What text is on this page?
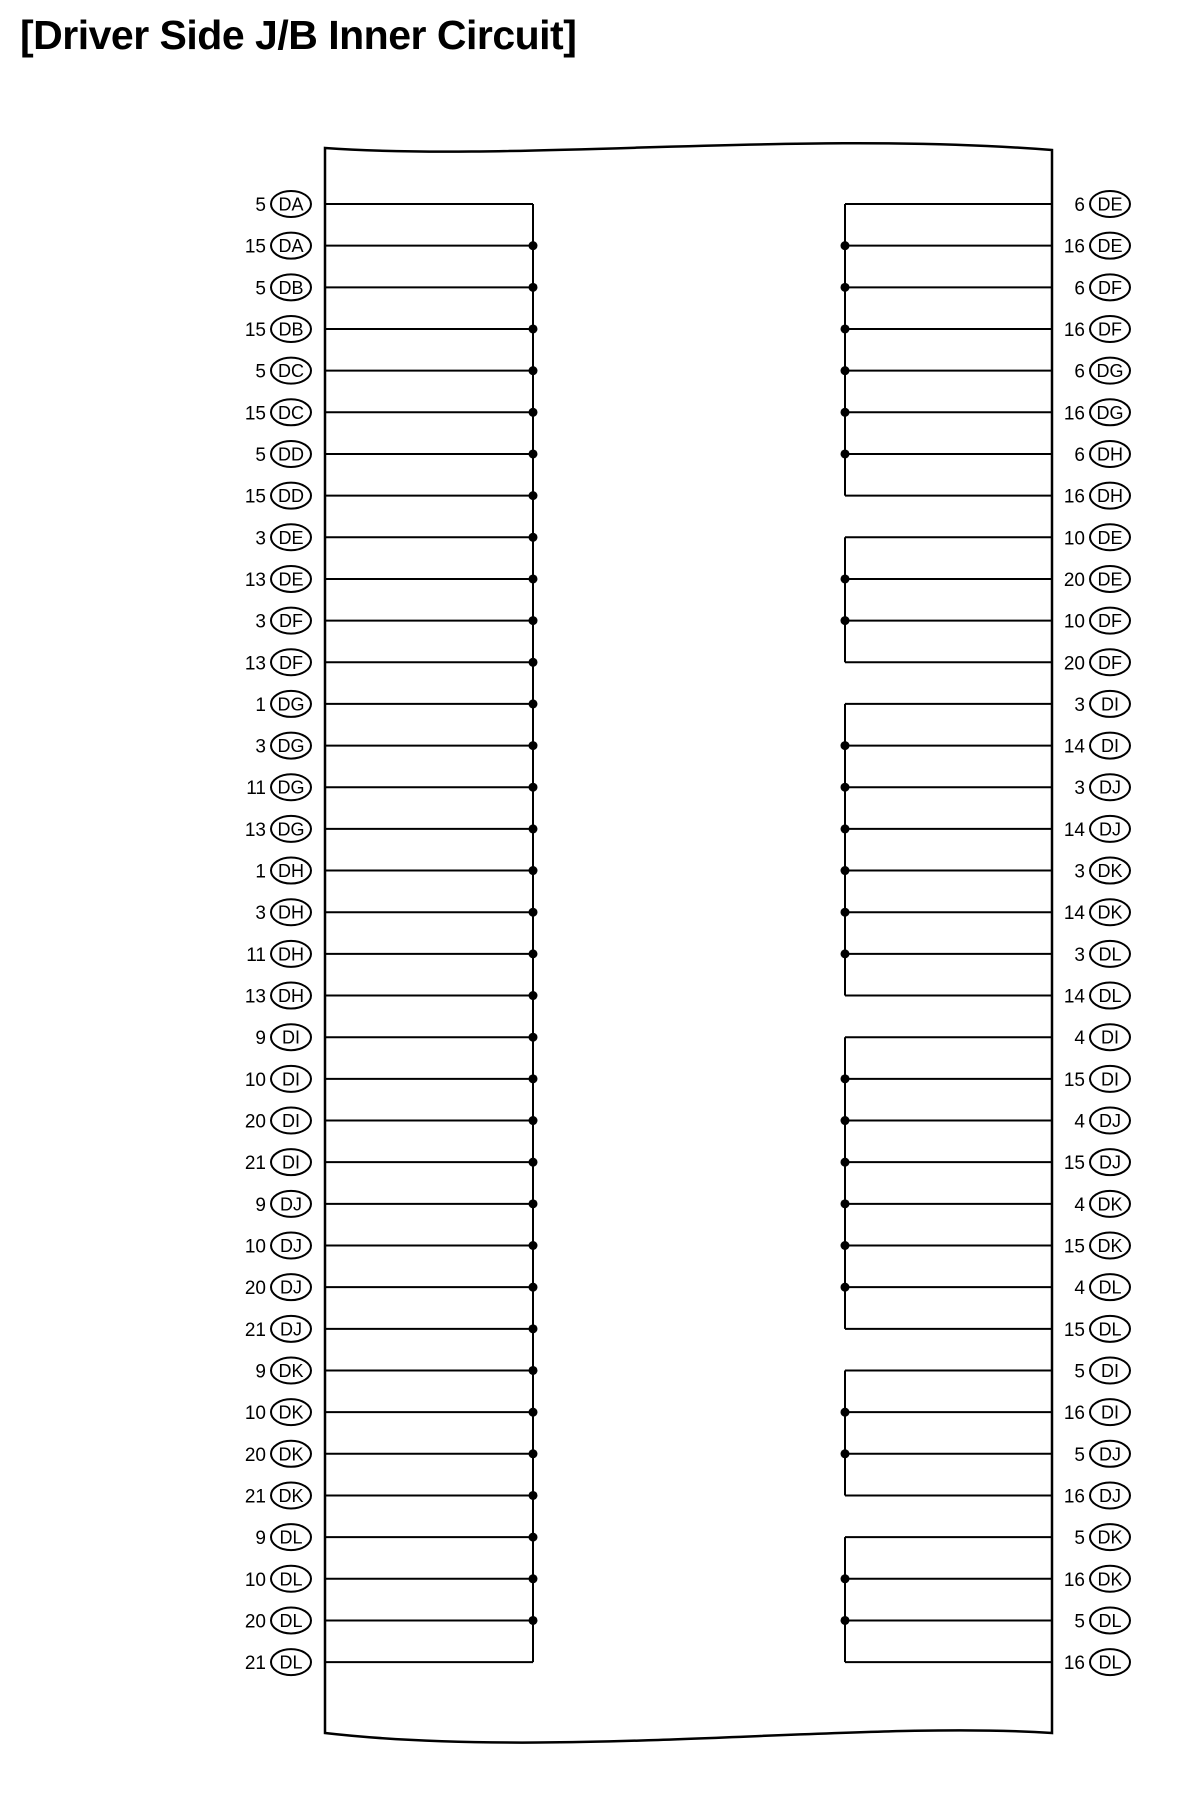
[Driver Side J/B Inner Circuit]
5 DA
15 DA
5 DB
15 DB
5 DC
15 DC
5 DD
15 DD
3 DE
13 DE
3 DF
13 DF
1 DG
3 DG
11 DG
13 DG
1 DH
3 DH
11 DH
13 DH
9 DI
10 DI
20 DI
21 DI
9 DJ
10 DJ
20 DJ
21 DJ
9 DK
10 DK
20 DK
21 DK
9 DL
10 DL
20 DL
21 DL
6 DE
16 DE
6 DF
16 DF
6 DG
16 DG
6 DH
16 DH
10 DE
20 DE
10 DF
20 DF
3 DI
14 DI
3 DJ
14 DJ
3 DK
14 DK
3 DL
14 DL
4 DI
15 DI
4 DJ
15 DJ
4 DK
15 DK
4 DL
15 DL
5 DI
16 DI
5 DJ
16 DJ
5 DK
16 DK
5 DL
16 DL
